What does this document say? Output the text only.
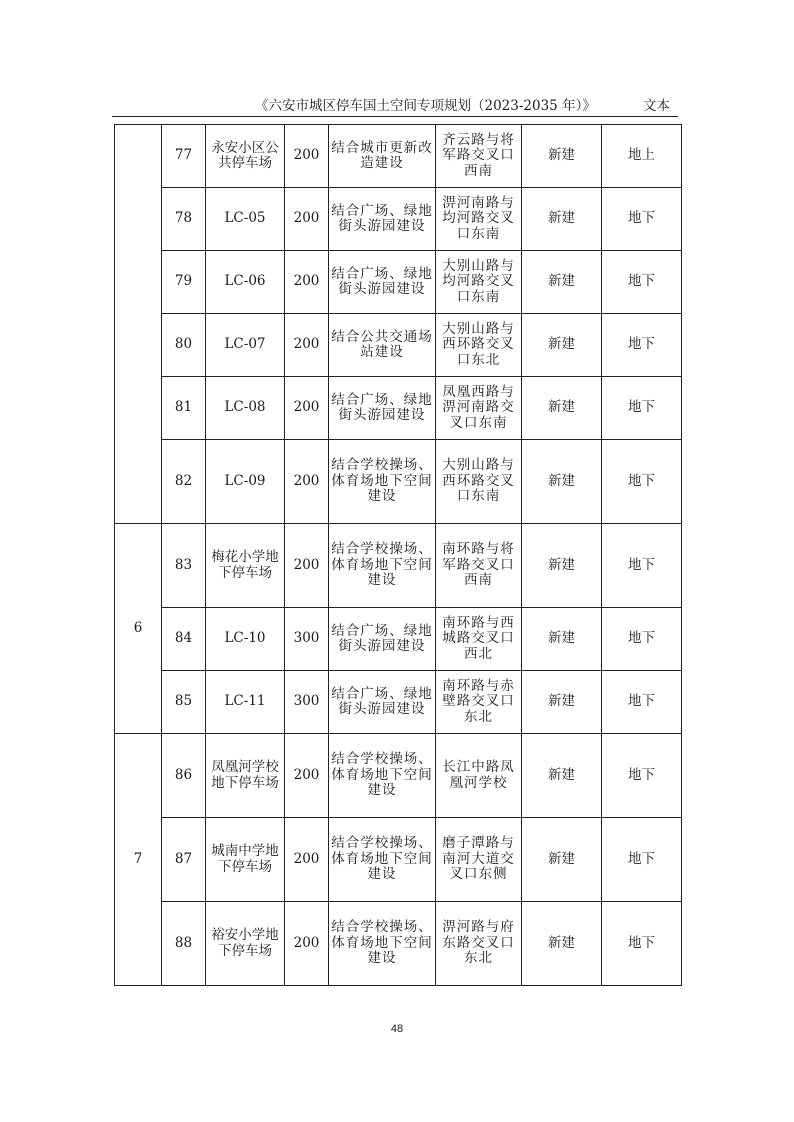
《六安市城区停车国土空间专项规划（2023-2035 年）》	文本
	77	永安小区公共停车场	200	结合城市更新改造建设	齐云路与将军路交叉口西南	新建	地上
	78	LC-05	200	结合广场、绿地街头游园建设	淠河南路与均河路交叉口东南	新建	地下
	79	LC-06	200	结合广场、绿地街头游园建设	大别山路与均河路交叉口东南	新建	地下
	80	LC-07	200	结合公共交通场站建设	大别山路与西环路交叉口东北	新建	地下
	81	LC-08	200	结合广场、绿地街头游园建设	凤凰西路与淠河南路交叉口东南	新建	地下
	82	LC-09	200	结合学校操场、体育场地下空间建设	大别山路与西环路交叉口东南	新建	地下
6	83	梅花小学地下停车场	200	结合学校操场、体育场地下空间建设	南环路与将军路交叉口西南	新建	地下
	84	LC-10	300	结合广场、绿地街头游园建设	南环路与西城路交叉口西北	新建	地下
	85	LC-11	300	结合广场、绿地街头游园建设	南环路与赤壁路交叉口东北	新建	地下
7	86	凤凰河学校地下停车场	200	结合学校操场、体育场地下空间建设	长江中路凤凰河学校	新建	地下
	87	城南中学地下停车场	200	结合学校操场、体育场地下空间建设	磨子潭路与南河大道交叉口东侧	新建	地下
	88	裕安小学地下停车场	200	结合学校操场、体育场地下空间建设	淠河路与府东路交叉口东北	新建	地下
48
